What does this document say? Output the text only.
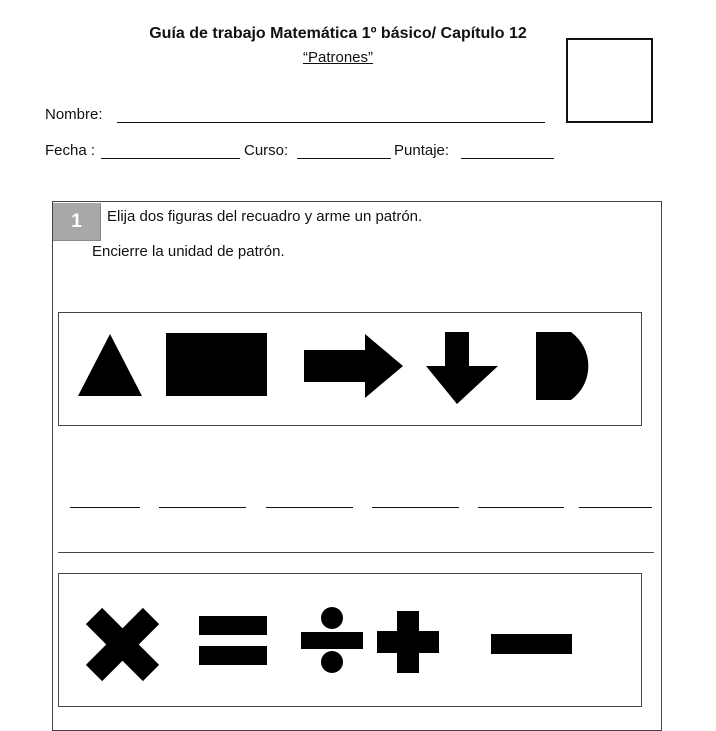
Guía de trabajo Matemática 1º básico/ Capítulo 12
“Patrones”
Nombre:
Fecha :	Curso:	Puntaje:
1	Elija dos figuras del recuadro y arme un patrón.
Encierre la unidad de patrón.
